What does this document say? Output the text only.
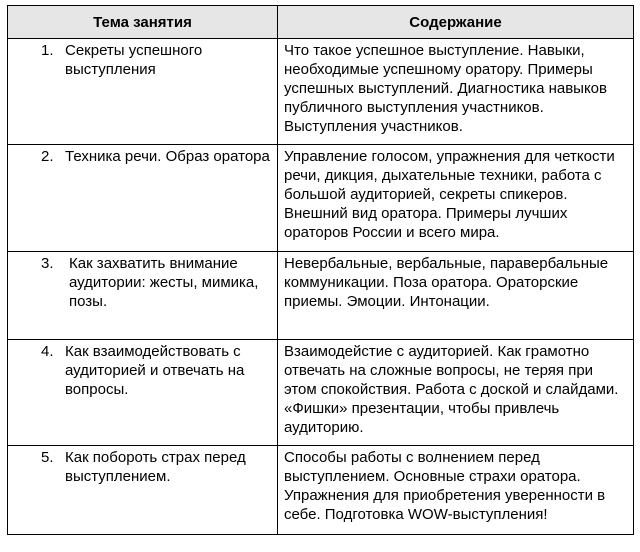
Тема занятия	Содержание

1. Секреты успешного выступления	Что такое успешное выступление. Навыки, необходимые успешному оратору. Примеры успешных выступлений. Диагностика навыков публичного выступления участников. Выступления участников.

2. Техника речи. Образ оратора	Управление голосом, упражнения для четкости речи, дикция, дыхательные техники, работа с большой аудиторией, секреты спикеров. Внешний вид оратора. Примеры лучших ораторов России и всего мира.

3. Как захватить внимание аудитории: жесты, мимика, позы.	Невербальные, вербальные, паравербальные коммуникации. Поза оратора. Ораторские приемы. Эмоции. Интонации.

4. Как взаимодействовать с аудиторией и отвечать на вопросы.	Взаимодейстие с аудиторией. Как грамотно отвечать на сложные вопросы, не теряя при этом спокойствия. Работа с доской и слайдами. «Фишки» презентации, чтобы привлечь аудиторию.

5. Как побороть страх перед выступлением.	Способы работы с волнением перед выступлением. Основные страхи оратора. Упражнения для приобретения уверенности в себе. Подготовка WOW-выступления!
